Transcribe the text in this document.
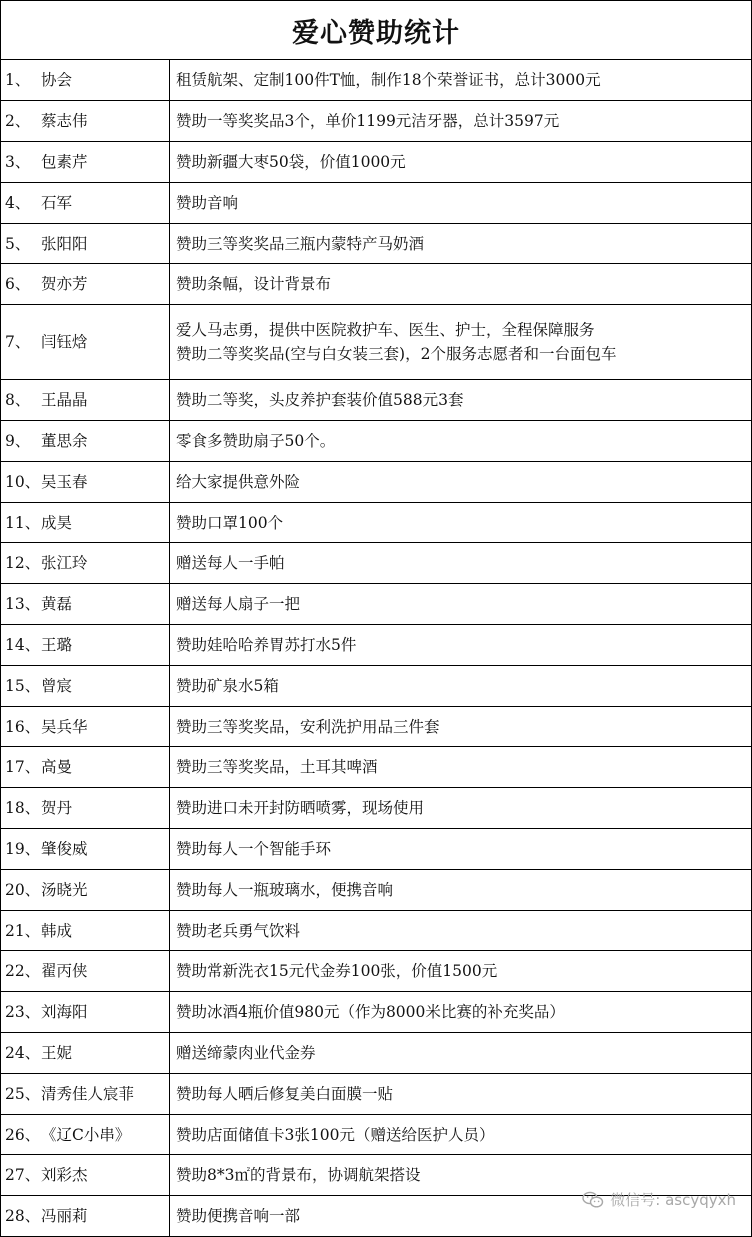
爱心赞助统计
1、 协会	租赁航架、定制100件T恤，制作18个荣誉证书，总计3000元

2、 蔡志伟	赞助一等奖奖品3个，单价1199元洁牙器，总计3597元

3、 包素芹	赞助新疆大枣50袋，价值1000元

4、 石军	赞助音响

5、 张阳阳	赞助三等奖奖品三瓶内蒙特产马奶酒

6、 贺亦芳	赞助条幅，设计背景布

7、 闫钰焓	爱人马志勇，提供中医院救护车、医生、护士，全程保障服务
赞助二等奖奖品(空与白女装三套)，2个服务志愿者和一台面包车

8、 王晶晶	赞助二等奖，头皮养护套装价值588元3套

9、 董思余	零食多赞助扇子50个。

10、吴玉春	给大家提供意外险

11、成昊	赞助口罩100个

12、张江玲	赠送每人一手帕

13、黄磊	赠送每人扇子一把

14、王璐	赞助娃哈哈养胃苏打水5件

15、曾宸	赞助矿泉水5箱

16、吴兵华	赞助三等奖奖品，安利洗护用品三件套

17、高曼	赞助三等奖奖品，土耳其啤酒

18、贺丹	赞助进口未开封防晒喷雾，现场使用

19、肇俊威	赞助每人一个智能手环

20、汤晓光	赞助每人一瓶玻璃水，便携音响

21、韩成	赞助老兵勇气饮料

22、翟丙侠	赞助常新洗衣15元代金券100张，价值1500元

23、刘海阳	赞助冰酒4瓶价值980元（作为8000米比赛的补充奖品）

24、王妮	赠送缔蒙肉业代金券

25、清秀佳人宸菲	赞助每人晒后修复美白面膜一贴

26、《辽C小串》	赞助店面储值卡3张100元（赠送给医护人员）

27、刘彩杰	赞助8*3㎡的背景布，协调航架搭设

28、冯丽莉	赞助便携音响一部
微信号: ascyqyxh
